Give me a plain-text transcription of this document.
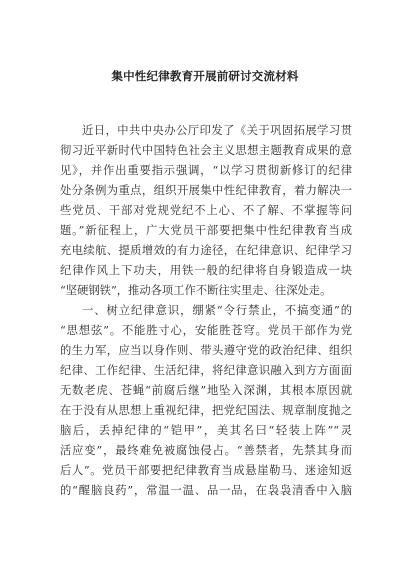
集中性纪律教育开展前研讨交流材料
近日，中共中央办公厅印发了《关于巩固拓展学习贯
彻习近平新时代中国特色社会主义思想主题教育成果的意
见》，并作出重要指示强调，“以学习贯彻新修订的纪律
处分条例为重点，组织开展集中性纪律教育，着力解决一
些党员、干部对党规党纪不上心、不了解、不掌握等问
题。”新征程上，广大党员干部要把集中性纪律教育当成
充电续航、提质增效的有力途径，在纪律意识、纪律学习
纪律作风上下功夫，用铁一般的纪律将自身锻造成一块
“坚硬钢铁”，推动各项工作不断往实里走、往深处走。
一、树立纪律意识，绷紧“令行禁止，不搞变通”的
“思想弦”。不能胜寸心，安能胜苍穹。党员干部作为党
的生力军，应当以身作则、带头遵守党的政治纪律、组织
纪律、工作纪律、生活纪律，将纪律意识融入到方方面面
无数老虎、苍蝇“前腐后继”地坠入深渊，其根本原因就
在于没有从思想上重视纪律，把党纪国法、规章制度抛之
脑后，丢掉纪律的“铠甲”，美其名曰“轻装上阵”“灵
活应变”，最终难免被腐蚀侵占。“善禁者，先禁其身而
后人”。党员干部要把纪律教育当成悬崖勒马、迷途知返
的“醒脑良药”，常温一温、品一品，在袅袅清香中入脑
